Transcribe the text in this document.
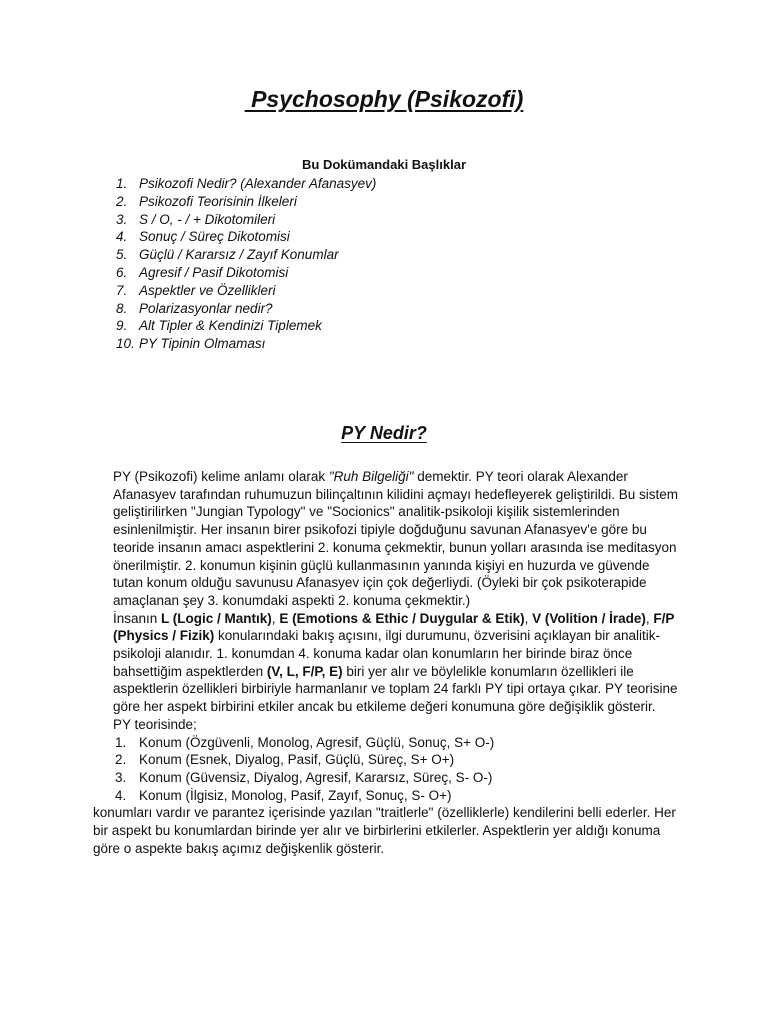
Psychosophy (Psikozofi)
Bu Dokümandaki Başlıklar
1. Psikozofi Nedir? (Alexander Afanasyev)
2. Psikozofi Teorisinin İlkeleri
3. S / O, - / + Dikotomileri
4. Sonuç / Süreç Dikotomisi
5. Güçlü / Kararsız / Zayıf Konumlar
6. Agresif / Pasif Dikotomisi
7. Aspektler ve Özellikleri
8. Polarizasyonlar nedir?
9. Alt Tipler & Kendinizi Tiplemek
10. PY Tipinin Olmaması
PY Nedir?

PY (Psikozofi) kelime anlamı olarak "Ruh Bilgeliği" demektir. PY teori olarak Alexander Afanasyev tarafından ruhumuzun bilinçaltının kilidini açmayı hedefleyerek geliştirildi. Bu sistem geliştirilirken "Jungian Typology" ve "Socionics" analitik-psikoloji kişilik sistemlerinden esinlenilmiştir. Her insanın birer psikofozi tipiyle doğduğunu savunan Afanasyev'e göre bu teoride insanın amacı aspektlerini 2. konuma çekmektir, bunun yolları arasında ise meditasyon önerilmiştir. 2. konumun kişinin güçlü kullanmasının yanında kişiyi en huzurda ve güvende tutan konum olduğu savunusu Afanasyev için çok değerliydi. (Öyleki bir çok psikoterapide amaçlanan şey 3. konumdaki aspekti 2. konuma çekmektir.)

İnsanın L (Logic / Mantık), E (Emotions & Ethic / Duygular & Etik), V (Volition / İrade), F/P (Physics / Fizik) konularındaki bakış açısını, ilgi durumunu, özverisini açıklayan bir analitik-psikoloji alanıdır. 1. konumdan 4. konuma kadar olan konumların her birinde biraz önce bahsettiğim aspektlerden (V, L, F/P, E) biri yer alır ve böylelikle konumların özellikleri ile aspektlerin özellikleri birbiriyle harmanlanır ve toplam 24 farklı PY tipi ortaya çıkar. PY teorisine göre her aspekt birbirini etkiler ancak bu etkileme değeri konumuna göre değişiklik gösterir.

PY teorisinde;

1. Konum (Özgüvenli, Monolog, Agresif, Güçlü, Sonuç, S+ O-)
2. Konum (Esnek, Diyalog, Pasif, Güçlü, Süreç, S+ O+)
3. Konum (Güvensiz, Diyalog, Agresif, Kararsız, Süreç, S- O-)
4. Konum (İlgisiz, Monolog, Pasif, Zayıf, Sonuç, S- O+)

konumları vardır ve parantez içerisinde yazılan "traitlerle" (özelliklerle) kendilerini belli ederler. Her bir aspekt bu konumlardan birinde yer alır ve birbirlerini etkilerler. Aspektlerin yer aldığı konuma göre o aspekte bakış açımız değişkenlik gösterir.
